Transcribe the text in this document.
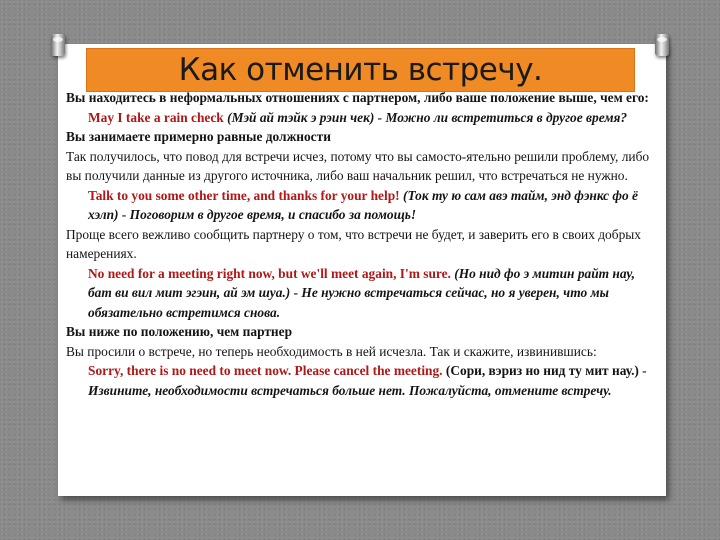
Как отменить встречу.

Вы находитесь в неформальных отношениях с партнером, либо ваше положение выше, чем его:

May I take a rain check (Мэй ай тэйк э рэин чек) - Можно ли встретиться в другое время?

Вы занимаете примерно равные должности

Так получилось, что повод для встречи исчез, потому что вы самосто-ятельно решили проблему, либо вы получили данные из другого источника, либо ваш начальник решил, что встречаться не нужно.

Talk to you some other time, and thanks for your help! (Ток ту ю сам авэ тайм, энд фэнкс фо ё хэлп) - Поговорим в другое время, и спасибо за помощь!

Проще всего вежливо сообщить партнеру о том, что встречи не будет, и заверить его в своих добрых намерениях.

No need for a meeting right now, but we'll meet again, I'm sure. (Но нид фо э митин райт нау, бат ви вил мит эгэин, ай эм шуа.) - Не нужно встречаться сейчас, но я уверен, что мы обязательно встретимся снова.

Вы ниже по положению, чем партнер

Вы просили о встрече, но теперь необходимость в ней исчезла. Так и скажите, извинившись:

Sorry, there is no need to meet now. Please cancel the meeting. (Сори, вэриз но нид ту мит нау.) - Извините, необходимости встречаться больше нет. Пожалуйста, отмените встречу.
